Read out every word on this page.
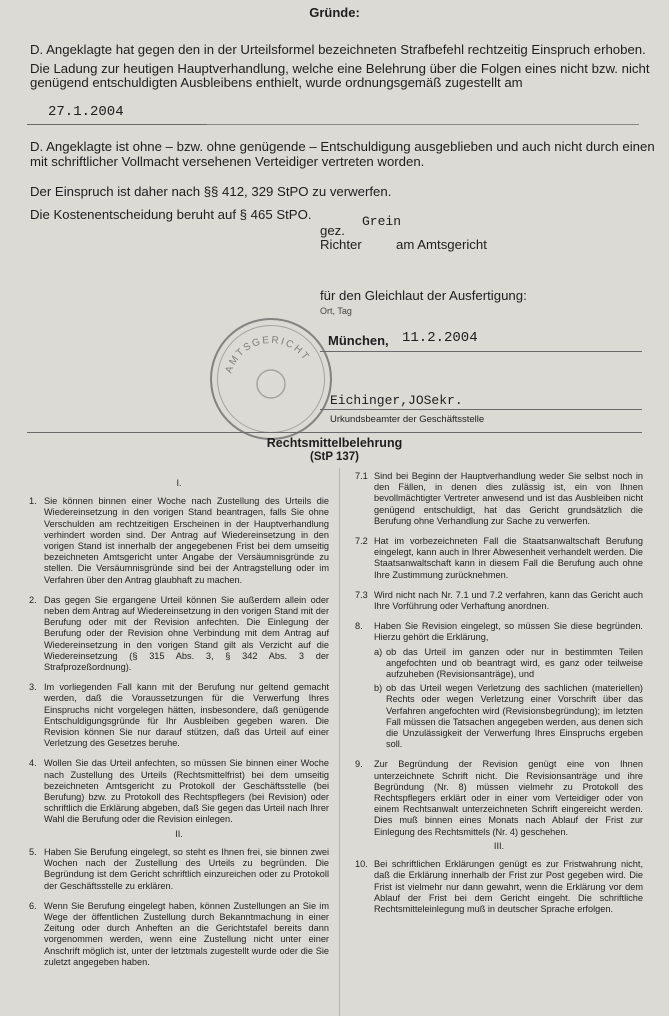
Gründe:
D. Angeklagte hat gegen den in der Urteilsformel bezeichneten Strafbefehl rechtzeitig Einspruch erhoben.
Die Ladung zur heutigen Hauptverhandlung, welche eine Belehrung über die Folgen eines nicht bzw. nicht
genügend entschuldigten Ausbleibens enthielt, wurde ordnungsgemäß zugestellt am
27.1.2004
D. Angeklagte ist ohne – bzw. ohne genügende – Entschuldigung ausgeblieben und auch nicht durch einen
mit schriftlicher Vollmacht versehenen Verteidiger vertreten worden.
Der Einspruch ist daher nach §§ 412, 329 StPO zu verwerfen.
Die Kostenentscheidung beruht auf § 465 StPO.
gez.
Grein
Richter	am Amtsgericht
für den Gleichlaut der Ausfertigung:
Ort, Tag
AMTSGERICHT
München, 11.2.2004
Eichinger,JOSekr.
Urkundsbeamter der Geschäftsstelle
Rechtsmittelbelehrung
(StP 137)
I.

1. Sie können binnen einer Woche nach Zustellung des Urteils die Wiedereinsetzung in den vorigen Stand beantragen, falls Sie ohne Verschulden am rechtzeitigen Erscheinen in der Hauptverhandlung verhindert worden sind. Der Antrag auf Wiedereinsetzung in den vorigen Stand ist innerhalb der angegebenen Frist bei dem umseitig bezeichneten Amtsgericht unter Angabe der Versäumnisgründe zu stellen. Die Versäumnisgründe sind bei der Antragstellung oder im Verfahren über den Antrag glaubhaft zu machen.

2. Das gegen Sie ergangene Urteil können Sie außerdem allein oder neben dem Antrag auf Wiedereinsetzung in den vorigen Stand mit der Berufung oder mit der Revision anfechten. Die Einlegung der Berufung oder der Revision ohne Verbindung mit dem Antrag auf Wiedereinsetzung in den vorigen Stand gilt als Verzicht auf die Wiedereinsetzung (§ 315 Abs. 3, § 342 Abs. 3 der Strafprozeßordnung).

3. Im vorliegenden Fall kann mit der Berufung nur geltend gemacht werden, daß die Voraussetzungen für die Verwerfung Ihres Einspruchs nicht vorgelegen hätten, insbesondere, daß genügende Entschuldigungsgründe für Ihr Ausbleiben gegeben waren. Die Revision können Sie nur darauf stützen, daß das Urteil auf einer Verletzung des Gesetzes beruhe.

4. Wollen Sie das Urteil anfechten, so müssen Sie binnen einer Woche nach Zustellung des Urteils (Rechtsmittelfrist) bei dem umseitig bezeichneten Amtsgericht zu Protokoll der Geschäftsstelle (bei Berufung) bzw. zu Protokoll des Rechtspflegers (bei Revision) oder schriftlich die Erklärung abgeben, daß Sie gegen das Urteil nach Ihrer Wahl die Berufung oder die Revision einlegen.

II.

5. Haben Sie Berufung eingelegt, so steht es Ihnen frei, sie binnen zwei Wochen nach der Zustellung des Urteils zu begründen. Die Begründung ist dem Gericht schriftlich einzureichen oder zu Protokoll der Geschäftsstelle zu erklären.

6. Wenn Sie Berufung eingelegt haben, können Zustellungen an Sie im Wege der öffentlichen Zustellung durch Bekanntmachung in einer Zeitung oder durch Anheften an die Gerichtstafel bereits dann vorgenommen werden, wenn eine Zustellung nicht unter einer Anschrift möglich ist, unter der letztmals zugestellt wurde oder die Sie zuletzt angegeben haben.

7.1 Sind bei Beginn der Hauptverhandlung weder Sie selbst noch in den Fällen, in denen dies zulässig ist, ein von Ihnen bevollmächtigter Vertreter anwesend und ist das Ausbleiben nicht genügend entschuldigt, hat das Gericht grundsätzlich die Berufung ohne Verhandlung zur Sache zu verwerfen.

7.2 Hat im vorbezeichneten Fall die Staatsanwaltschaft Berufung eingelegt, kann auch in Ihrer Abwesenheit verhandelt werden. Die Staatsanwaltschaft kann in diesem Fall die Berufung auch ohne Ihre Zustimmung zurücknehmen.

7.3 Wird nicht nach Nr. 7.1 und 7.2 verfahren, kann das Gericht auch Ihre Vorführung oder Verhaftung anordnen.

8. Haben Sie Revision eingelegt, so müssen Sie diese begründen. Hierzu gehört die Erklärung,
a) ob das Urteil im ganzen oder nur in bestimmten Teilen angefochten und ob beantragt wird, es ganz oder teilweise aufzuheben (Revisionsanträge), und
b) ob das Urteil wegen Verletzung des sachlichen (materiellen) Rechts oder wegen Verletzung einer Vorschrift über das Verfahren angefochten wird (Revisionsbegründung); im letzten Fall müssen die Tatsachen angegeben werden, aus denen sich die Unzulässigkeit der Verwerfung Ihres Einspruchs ergeben soll.

9. Zur Begründung der Revision genügt eine von Ihnen unterzeichnete Schrift nicht. Die Revisionsanträge und ihre Begründung (Nr. 8) müssen vielmehr zu Protokoll des Rechtspflegers erklärt oder in einer vom Verteidiger oder von einem Rechtsanwalt unterzeichneten Schrift eingereicht werden. Dies muß binnen eines Monats nach Ablauf der Frist zur Einlegung des Rechtsmittels (Nr. 4) geschehen.

III.

10. Bei schriftlichen Erklärungen genügt es zur Fristwahrung nicht, daß die Erklärung innerhalb der Frist zur Post gegeben wird. Die Frist ist vielmehr nur dann gewahrt, wenn die Erklärung vor dem Ablauf der Frist bei dem Gericht eingeht. Die schriftliche Rechtsmitteleinlegung muß in deutscher Sprache erfolgen.
